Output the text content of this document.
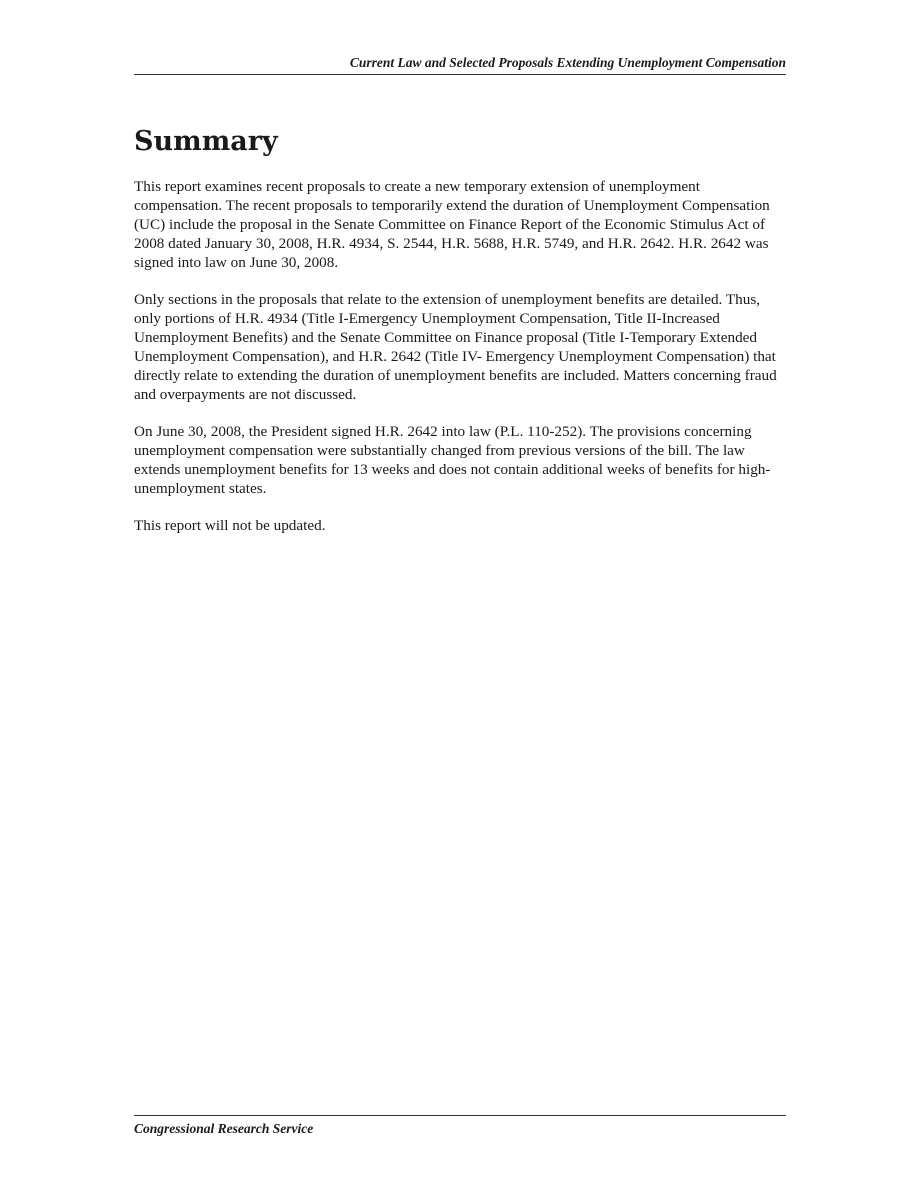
Current Law and Selected Proposals Extending Unemployment Compensation
Summary

This report examines recent proposals to create a new temporary extension of unemployment compensation. The recent proposals to temporarily extend the duration of Unemployment Compensation (UC) include the proposal in the Senate Committee on Finance Report of the Economic Stimulus Act of 2008 dated January 30, 2008, H.R. 4934, S. 2544, H.R. 5688, H.R. 5749, and H.R. 2642. H.R. 2642 was signed into law on June 30, 2008.

Only sections in the proposals that relate to the extension of unemployment benefits are detailed. Thus, only portions of H.R. 4934 (Title I-Emergency Unemployment Compensation, Title II-Increased Unemployment Benefits) and the Senate Committee on Finance proposal (Title I-Temporary Extended Unemployment Compensation), and H.R. 2642 (Title IV- Emergency Unemployment Compensation) that directly relate to extending the duration of unemployment benefits are included. Matters concerning fraud and overpayments are not discussed.

On June 30, 2008, the President signed H.R. 2642 into law (P.L. 110-252). The provisions concerning unemployment compensation were substantially changed from previous versions of the bill. The law extends unemployment benefits for 13 weeks and does not contain additional weeks of benefits for high-unemployment states.

This report will not be updated.

Congressional Research Service
